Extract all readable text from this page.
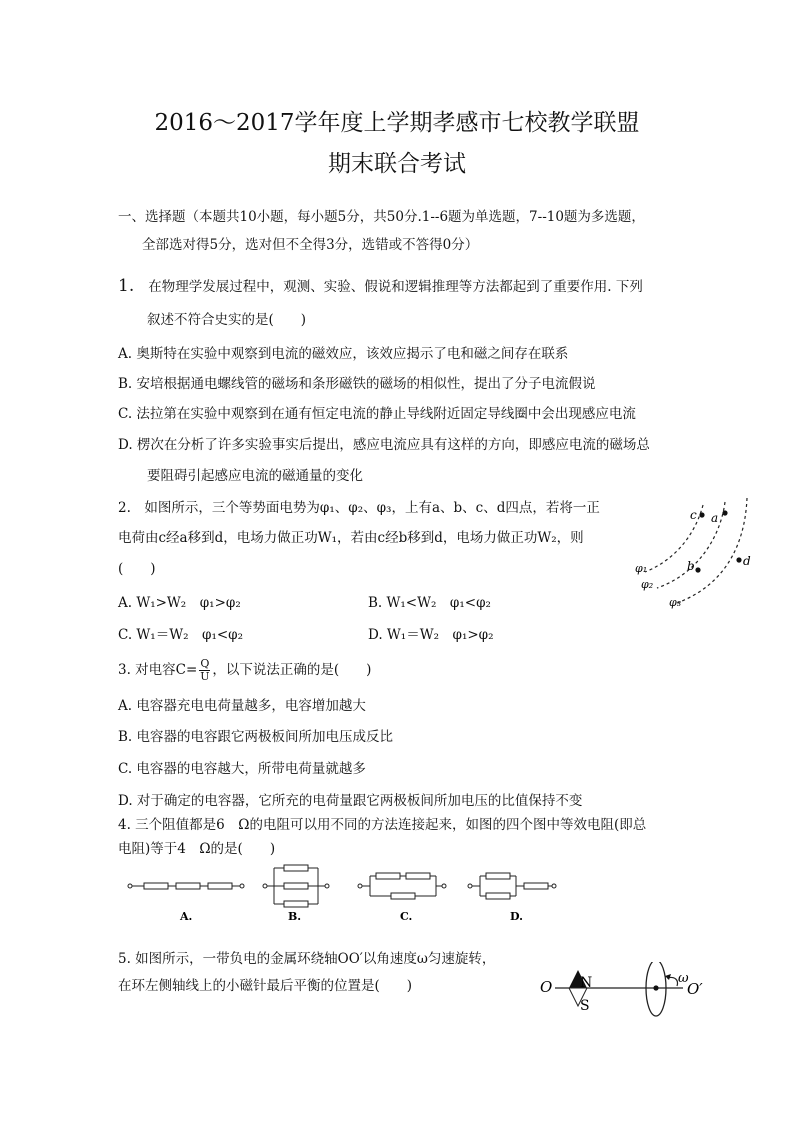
2016～2017学年度上学期孝感市七校教学联盟
期末联合考试
一、选择题（本题共10小题，每小题5分，共50分.1--6题为单选题，7--10题为多选题，
全部选对得5分，选对但不全得3分，选错或不答得0分）
1. 在物理学发展过程中，观测、实验、假说和逻辑推理等方法都起到了重要作用. 下列
叙述不符合史实的是(　　)
A. 奥斯特在实验中观察到电流的磁效应，该效应揭示了电和磁之间存在联系
B. 安培根据通电螺线管的磁场和条形磁铁的磁场的相似性，提出了分子电流假说
C. 法拉第在实验中观察到在通有恒定电流的静止导线附近固定导线圈中会出现感应电流
D. 楞次在分析了许多实验事实后提出，感应电流应具有这样的方向，即感应电流的磁场总
要阻碍引起感应电流的磁通量的变化
2.　如图所示，三个等势面电势为φ₁、φ₂、φ₃，上有a、b、c、d四点，若将一正
电荷由c经a移到d，电场力做正功W₁，若由c经b移到d，电场力做正功W₂，则
(　　)
A. W₁>W₂　φ₁>φ₂	B. W₁<W₂　φ₁<φ₂
C. W₁＝W₂　φ₁<φ₂	D. W₁＝W₂　φ₁>φ₂
c a
b	d
φ₁
φ₂
φ₃
3. 对电容$C= \frac{Q}{U}$ ，以下说法正确的是(　　)
A. 电容器充电电荷量越多，电容增加越大
B. 电容器的电容跟它两极板间所加电压成反比
C. 电容器的电容越大，所带电荷量就越多
D. 对于确定的电容器，它所充的电荷量跟它两极板间所加电压的比值保持不变
4. 三个阻值都是6　Ω的电阻可以用不同的方法连接起来，如图的四个图中等效电阻(即总
电阻)等于4　Ω的是(　　)
A.	B.	C.	D.
5. 如图所示，一带负电的金属环绕轴OO′以角速度ω匀速旋转，
在环左侧轴线上的小磁针最后平衡的位置是(　　)	O N
S
O′
ω
